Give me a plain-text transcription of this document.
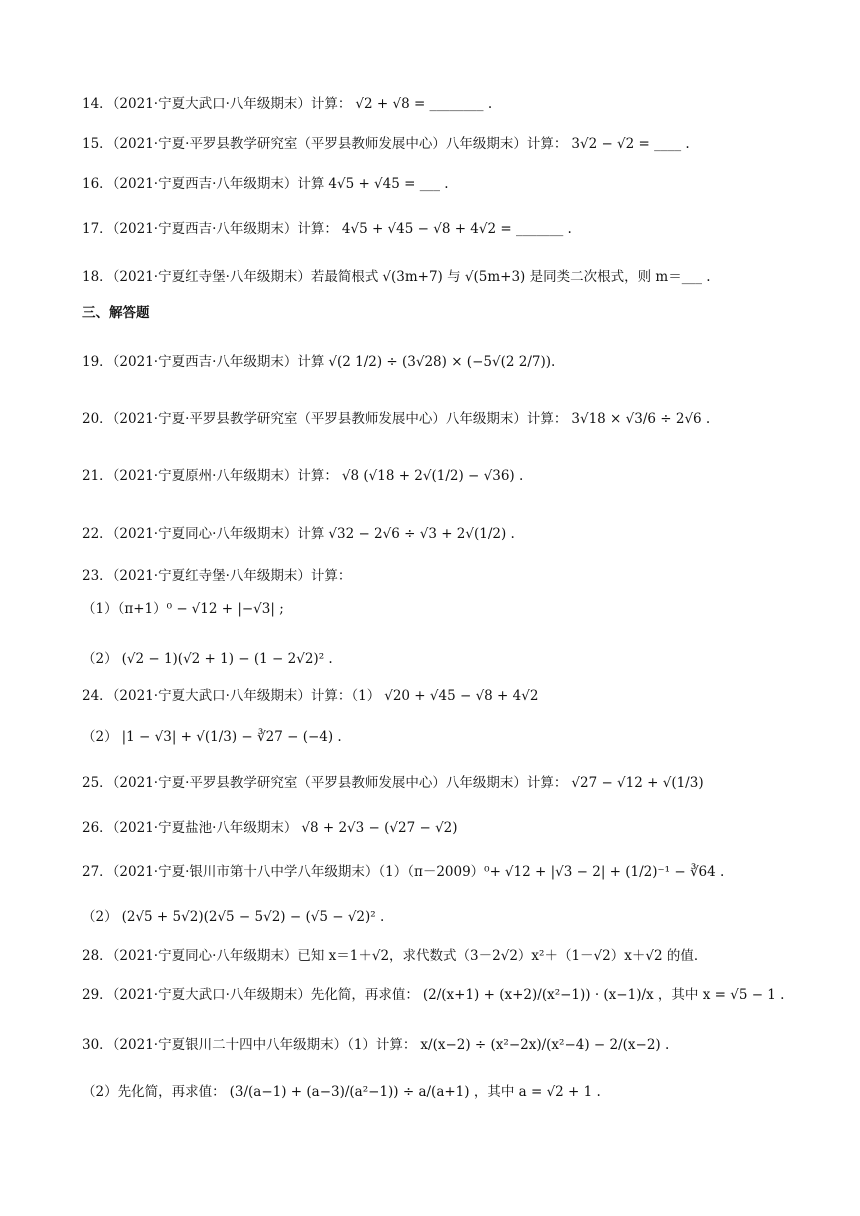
14．（2021·宁夏大武口·八年级期末）计算： √2 + √8 = ________ .
15．（2021·宁夏·平罗县教学研究室（平罗县教师发展中心）八年级期末）计算： 3√2 − √2 = ____ .
16．（2021·宁夏西吉·八年级期末）计算 4√5 + √45 = ___ .
17．（2021·宁夏西吉·八年级期末）计算： 4√5 + √45 − √8 + 4√2 = _______ .
18．（2021·宁夏红寺堡·八年级期末）若最简根式 √(3m+7) 与 √(5m+3) 是同类二次根式，则 m＝___ .
三、解答题
19．（2021·宁夏西吉·八年级期末）计算 √(2 1/2) ÷ (3√28) × (−5√(2 2/7)).
20．（2021·宁夏·平罗县教学研究室（平罗县教师发展中心）八年级期末）计算： 3√18 × √3/6 ÷ 2√6 .
21．（2021·宁夏原州·八年级期末）计算： √8 (√18 + 2√(1/2) − √36) .
22．（2021·宁夏同心·八年级期末）计算 √32 − 2√6 ÷ √3 + 2√(1/2) .
23．（2021·宁夏红寺堡·八年级期末）计算：
（1）（π+1）⁰ − √12 + |−√3| ;
（2） (√2 − 1)(√2 + 1) − (1 − 2√2)² .
24．（2021·宁夏大武口·八年级期末）计算：（1） √20 + √45 − √8 + 4√2
（2） |1 − √3| + √(1/3) − ∛27 − (−4) .
25．（2021·宁夏·平罗县教学研究室（平罗县教师发展中心）八年级期末）计算： √27 − √12 + √(1/3)
26．（2021·宁夏盐池·八年级期末） √8 + 2√3 − (√27 − √2)
27．（2021·宁夏·银川市第十八中学八年级期末）（1）（π－2009）⁰+ √12 + |√3 − 2| + (1/2)⁻¹ − ∛64 .
（2） (2√5 + 5√2)(2√5 − 5√2) − (√5 − √2)² .
28．（2021·宁夏同心·八年级期末）已知 x＝1＋√2，求代数式（3－2√2）x²＋（1－√2）x＋√2 的值．
29．（2021·宁夏大武口·八年级期末）先化简，再求值： (2/(x+1) + (x+2)/(x²−1)) · (x−1)/x ，其中 x = √5 − 1 .
30．（2021·宁夏银川二十四中八年级期末）（1）计算： x/(x−2) ÷ (x²−2x)/(x²−4) − 2/(x−2) .
（2）先化简，再求值： (3/(a−1) + (a−3)/(a²−1)) ÷ a/(a+1) ，其中 a = √2 + 1 .
